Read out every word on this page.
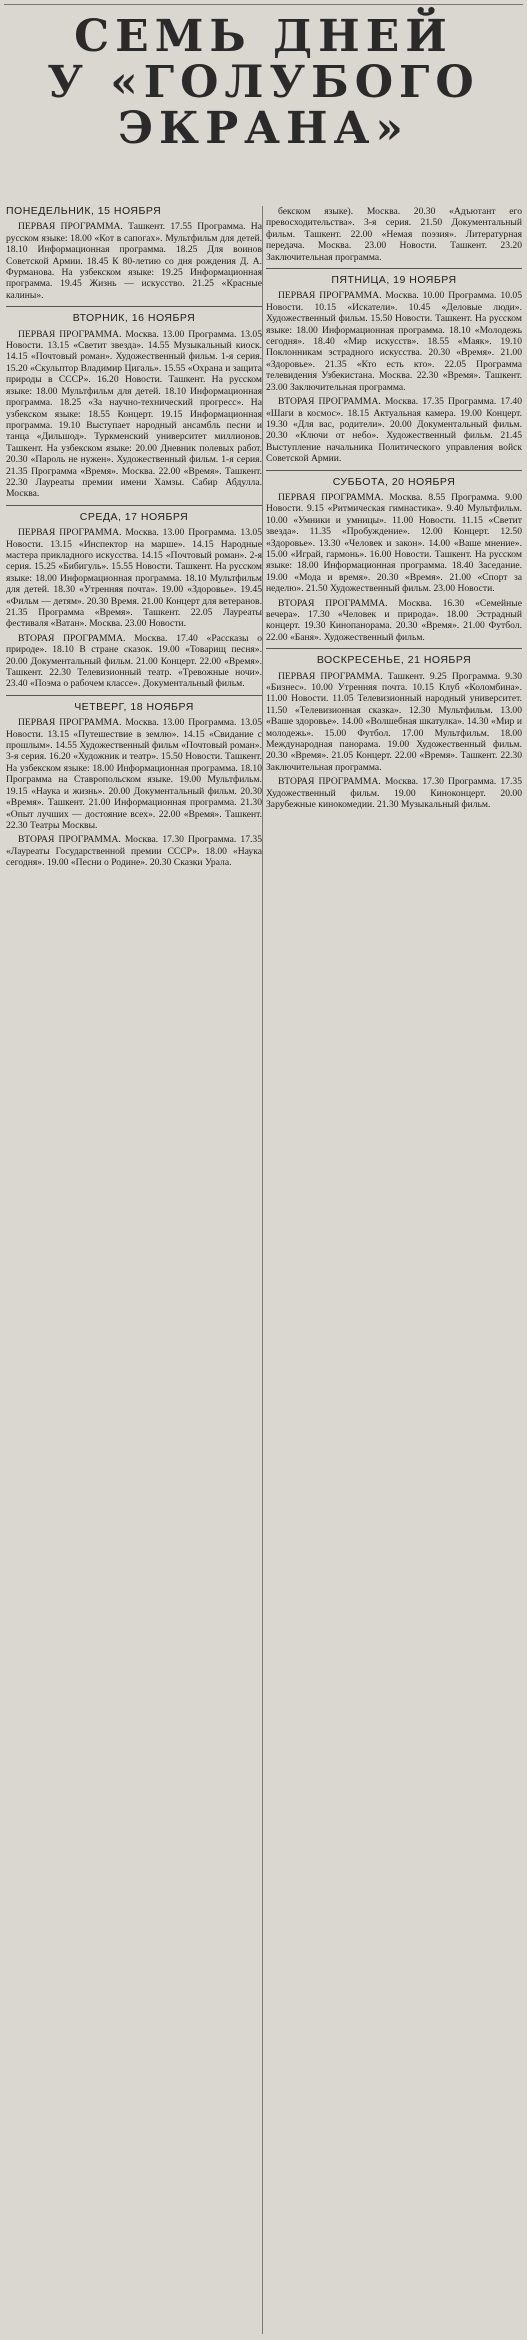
СЕМЬ ДНЕЙ
У «ГОЛУБОГО
ЭКРАНА»
ПОНЕДЕЛЬНИК, 15 НОЯБРЯ

ПЕРВАЯ ПРОГРАММА. Ташкент. 17.55 Программа. На русском языке: 18.00 «Кот в сапогах». Мультфильм для детей. 18.10 Информационная программа. 18.25 Для воинов Советской Армии. 18.45 К 80-летию со дня рождения Д. А. Фурманова. На узбекском языке: 19.25 Информационная программа. 19.45 Жизнь — искусство. 21.25 «Красные калины».

ВТОРНИК, 16 НОЯБРЯ

ПЕРВАЯ ПРОГРАММА. Москва. 13.00 Программа. 13.05 Новости. 13.15 «Светит звезда». 14.55 Музыкальный киоск. 14.15 «Почтовый роман». Художественный фильм. 1-я серия. 15.20 «Скульптор Владимир Цигаль». 15.55 «Охрана и защита природы в СССР». 16.20 Новости. Ташкент. На русском языке: 18.00 Мультфильм для детей. 18.10 Информационная программа. 18.25 «За научно-технический прогресс». На узбекском языке: 18.55 Концерт. 19.15 Информационная программа. 19.10 Выступает народный ансамбль песни и танца «Дильшод». Туркменский университет миллионов. Ташкент. На узбекском языке: 20.00 Дневник полевых работ. 20.30 «Пароль не нужен». Художественный фильм. 1-я серия. 21.35 Программа «Время». Москва. 22.00 «Время». Ташкент. 22.30 Лауреаты премии имени Хамзы. Сабир Абдулла. Москва.

СРЕДА, 17 НОЯБРЯ

ПЕРВАЯ ПРОГРАММА. Москва. 13.00 Программа. 13.05 Новости. 13.15 «Инспектор на марше». 14.15 Народные мастера прикладного искусства. 14.15 «Почтовый роман». 2-я серия. 15.25 «Бибигуль». 15.55 Новости. Ташкент. На русском языке: 18.00 Информационная программа. 18.10 Мультфильм для детей. 18.30 «Утренняя почта». 19.00 «Здоровье». 19.45 «Фильм — детям». 20.30 Время. 21.00 Концерт для ветеранов. 21.35 Программа «Время». Ташкент. 22.05 Лауреаты фестиваля «Ватан». Москва. 23.00 Новости.

ВТОРАЯ ПРОГРАММА. Москва. 17.40 «Рассказы о природе». 18.10 В стране сказок. 19.00 «Товарищ песня». 20.00 Документальный фильм. 21.00 Концерт. 22.00 «Время». Ташкент. 22.30 Телевизионный театр. «Тревожные ночи». 23.40 «Поэма о рабочем классе». Документальный фильм.

ЧЕТВЕРГ, 18 НОЯБРЯ

ПЕРВАЯ ПРОГРАММА. Москва. 13.00 Программа. 13.05 Новости. 13.15 «Путешествие в землю». 14.15 «Свидание с прошлым». 14.55 Художественный фильм «Почтовый роман». 3-я серия. 16.20 «Художник и театр». 15.50 Новости. Ташкент. На узбекском языке: 18.00 Информационная программа. 18.10 Программа на Ставропольском языке. 19.00 Мультфильм. 19.15 «Наука и жизнь». 20.00 Документальный фильм. 20.30 «Время». Ташкент. 21.00 Информационная программа. 21.30 «Опыт лучших — достояние всех». 22.00 «Время». Ташкент. 22.30 Театры Москвы.

ВТОРАЯ ПРОГРАММА. Москва. 17.30 Программа. 17.35 «Лауреаты Государственной премии СССР». 18.00 «Наука сегодня». 19.00 «Песни о Родине». 20.30 Сказки Урала.

бекском языке). Москва. 20.30 «Адъютант его превосходительства». 3-я серия. 21.50 Документальный фильм. Ташкент. 22.00 «Немая поэзия». Литературная передача. Москва. 23.00 Новости. Ташкент. 23.20 Заключительная программа.

ПЯТНИЦА, 19 НОЯБРЯ

ПЕРВАЯ ПРОГРАММА. Москва. 10.00 Программа. 10.05 Новости. 10.15 «Искатели». 10.45 «Деловые люди». Художественный фильм. 15.50 Новости. Ташкент. На русском языке: 18.00 Информационная программа. 18.10 «Молодежь сегодня». 18.40 «Мир искусств». 18.55 «Маяк». 19.10 Поклонникам эстрадного искусства. 20.30 «Время». 21.00 «Здоровье». 21.35 «Кто есть кто». 22.05 Программа телевидения Узбекистана. Москва. 22.30 «Время». Ташкент. 23.00 Заключительная программа.

ВТОРАЯ ПРОГРАММА. Москва. 17.35 Программа. 17.40 «Шаги в космос». 18.15 Актуальная камера. 19.00 Концерт. 19.30 «Для вас, родители». 20.00 Документальный фильм. 20.30 «Ключи от небо». Художественный фильм. 21.45 Выступление начальника Политического управления войск Советской Армии.

СУББОТА, 20 НОЯБРЯ

ПЕРВАЯ ПРОГРАММА. Москва. 8.55 Программа. 9.00 Новости. 9.15 «Ритмическая гимнастика». 9.40 Мультфильм. 10.00 «Умники и умницы». 11.00 Новости. 11.15 «Светит звезда». 11.35 «Пробуждение». 12.00 Концерт. 12.50 «Здоровье». 13.30 «Человек и закон». 14.00 «Ваше мнение». 15.00 «Играй, гармонь». 16.00 Новости. Ташкент. На русском языке: 18.00 Информационная программа. 18.40 Заседание. 19.00 «Мода и время». 20.30 «Время». 21.00 «Спорт за неделю». 21.50 Художественный фильм. 23.00 Новости.

ВТОРАЯ ПРОГРАММА. Москва. 16.30 «Семейные вечера». 17.30 «Человек и природа». 18.00 Эстрадный концерт. 19.30 Кинопанорама. 20.30 «Время». 21.00 Футбол. 22.00 «Баня». Художественный фильм.

ВОСКРЕСЕНЬЕ, 21 НОЯБРЯ

ПЕРВАЯ ПРОГРАММА. Ташкент. 9.25 Программа. 9.30 «Бизнес». 10.00 Утренняя почта. 10.15 Клуб «Коломбина». 11.00 Новости. 11.05 Телевизионный народный университет. 11.50 «Телевизионная сказка». 12.30 Мультфильм. 13.00 «Ваше здоровье». 14.00 «Волшебная шкатулка». 14.30 «Мир и молодежь». 15.00 Футбол. 17.00 Мультфильм. 18.00 Международная панорама. 19.00 Художественный фильм. 20.30 «Время». 21.05 Концерт. 22.00 «Время». Ташкент. 22.30 Заключительная программа.

ВТОРАЯ ПРОГРАММА. Москва. 17.30 Программа. 17.35 Художественный фильм. 19.00 Киноконцерт. 20.00 Зарубежные кинокомедии. 21.30 Музыкальный фильм.
